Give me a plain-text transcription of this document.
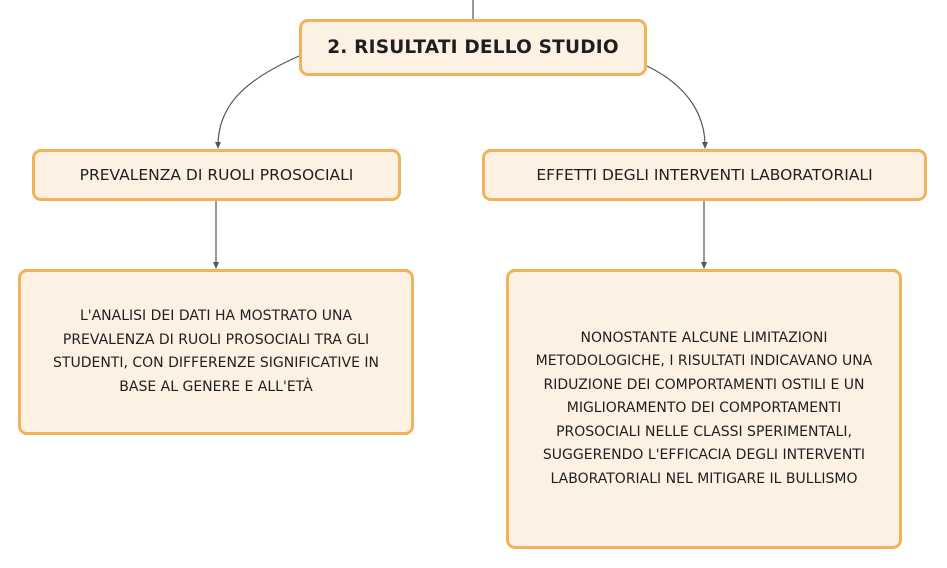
2. RISULTATI DELLO STUDIO
PREVALENZA DI RUOLI PROSOCIALI	EFFETTI DEGLI INTERVENTI LABORATORIALI
L'ANALISI DEI DATI HA MOSTRATO UNA PREVALENZA DI RUOLI PROSOCIALI TRA GLI STUDENTI, CON DIFFERENZE SIGNIFICATIVE IN BASE AL GENERE E ALL'ETÀ
NONOSTANTE ALCUNE LIMITAZIONI METODOLOGICHE, I RISULTATI INDICAVANO UNA RIDUZIONE DEI COMPORTAMENTI OSTILI E UN MIGLIORAMENTO DEI COMPORTAMENTI PROSOCIALI NELLE CLASSI SPERIMENTALI, SUGGERENDO L'EFFICACIA DEGLI INTERVENTI LABORATORIALI NEL MITIGARE IL BULLISMO
